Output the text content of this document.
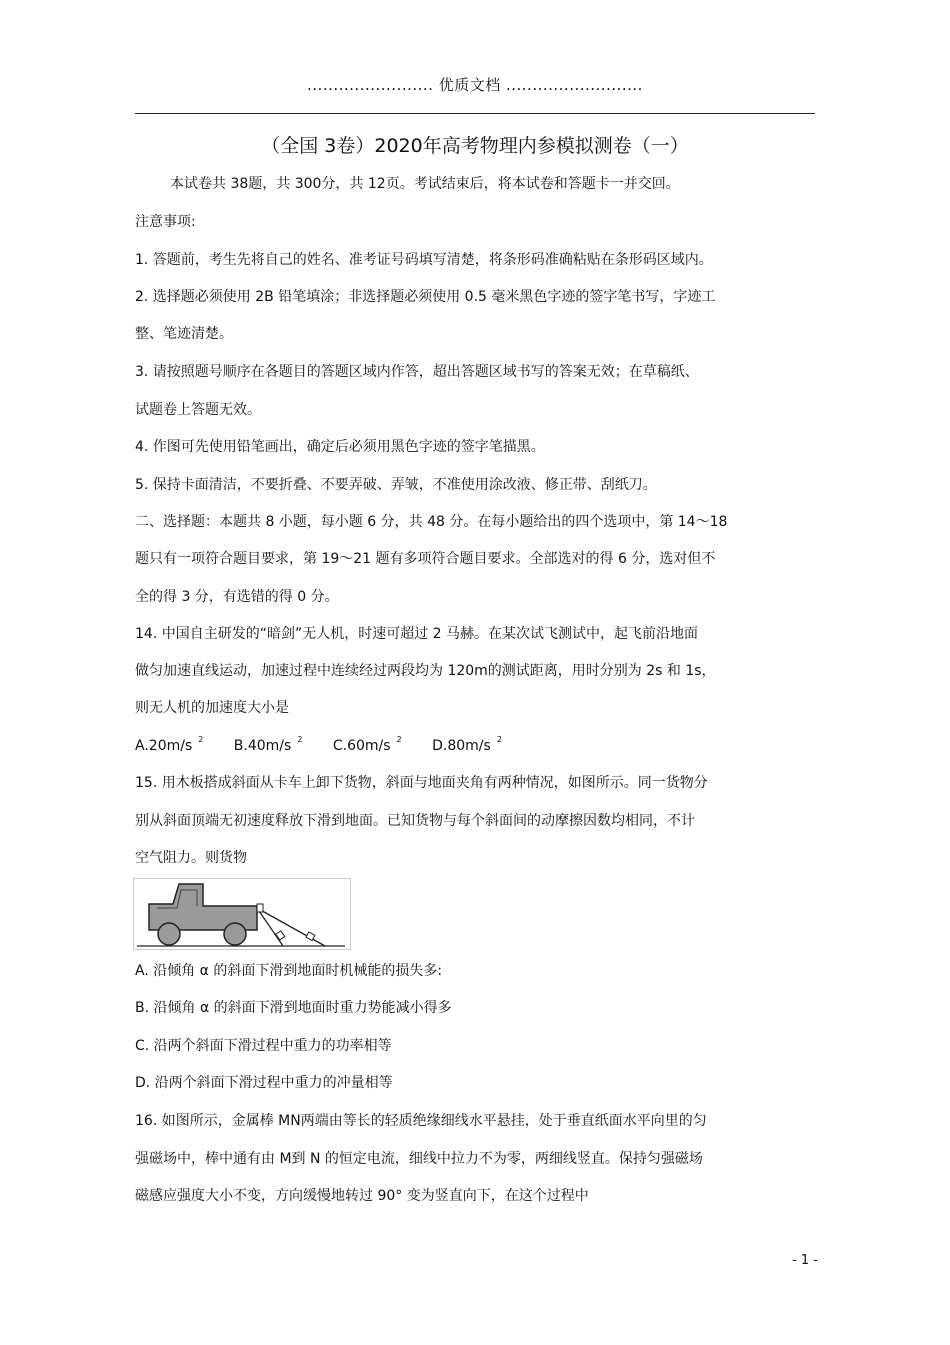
........................ 优质文档 ..........................
（全国 3卷）2020年高考物理内参模拟测卷（一）
本试卷共 38题，共 300分，共 12页。考试结束后，将本试卷和答题卡一并交回。
注意事项:
1. 答题前，考生先将自己的姓名、准考证号码填写清楚，将条形码准确粘贴在条形码区域内。
2. 选择题必须使用 2B 铅笔填涂；非选择题必须使用 0.5 毫米黑色字迹的签字笔书写，字迹工
整、笔迹清楚。
3. 请按照题号顺序在各题目的答题区域内作答，超出答题区域书写的答案无效；在草稿纸、
试题卷上答题无效。
4. 作图可先使用铅笔画出，确定后必须用黑色字迹的签字笔描黑。
5. 保持卡面清洁，不要折叠、不要弄破、弄皱，不准使用涂改液、修正带、刮纸刀。
二、选择题：本题共 8 小题，每小题 6 分，共 48 分。在每小题给出的四个选项中，第 14～18
题只有一项符合题目要求，第 19～21 题有多项符合题目要求。全部选对的得 6 分，选对但不
全的得 3 分，有选错的得 0 分。
14. 中国自主研发的“暗剑”无人机，时速可超过 2 马赫。在某次试飞测试中，起飞前沿地面
做匀加速直线运动，加速过程中连续经过两段均为 120m的测试距离，用时分别为 2s 和 1s，
则无人机的加速度大小是
A.20m/s $^2$ B.40m/s $^2$ C.60m/s $^2$ D.80m/s $^2$
15. 用木板搭成斜面从卡车上卸下货物，斜面与地面夹角有两种情况，如图所示。同一货物分
别从斜面顶端无初速度释放下滑到地面。已知货物与每个斜面间的动摩擦因数均相同，不计
空气阻力。则货物
A. 沿倾角 α 的斜面下滑到地面时机械能的损失多:
B. 沿倾角 α 的斜面下滑到地面时重力势能减小得多
C. 沿两个斜面下滑过程中重力的功率相等
D. 沿两个斜面下滑过程中重力的冲量相等
16. 如图所示，金属棒 MN两端由等长的轻质绝缘细线水平悬挂，处于垂直纸面水平向里的匀
强磁场中，棒中通有由 M到 N 的恒定电流，细线中拉力不为零，两细线竖直。保持匀强磁场
磁感应强度大小不变，方向缓慢地转过 90° 变为竖直向下，在这个过程中
- 1 -
